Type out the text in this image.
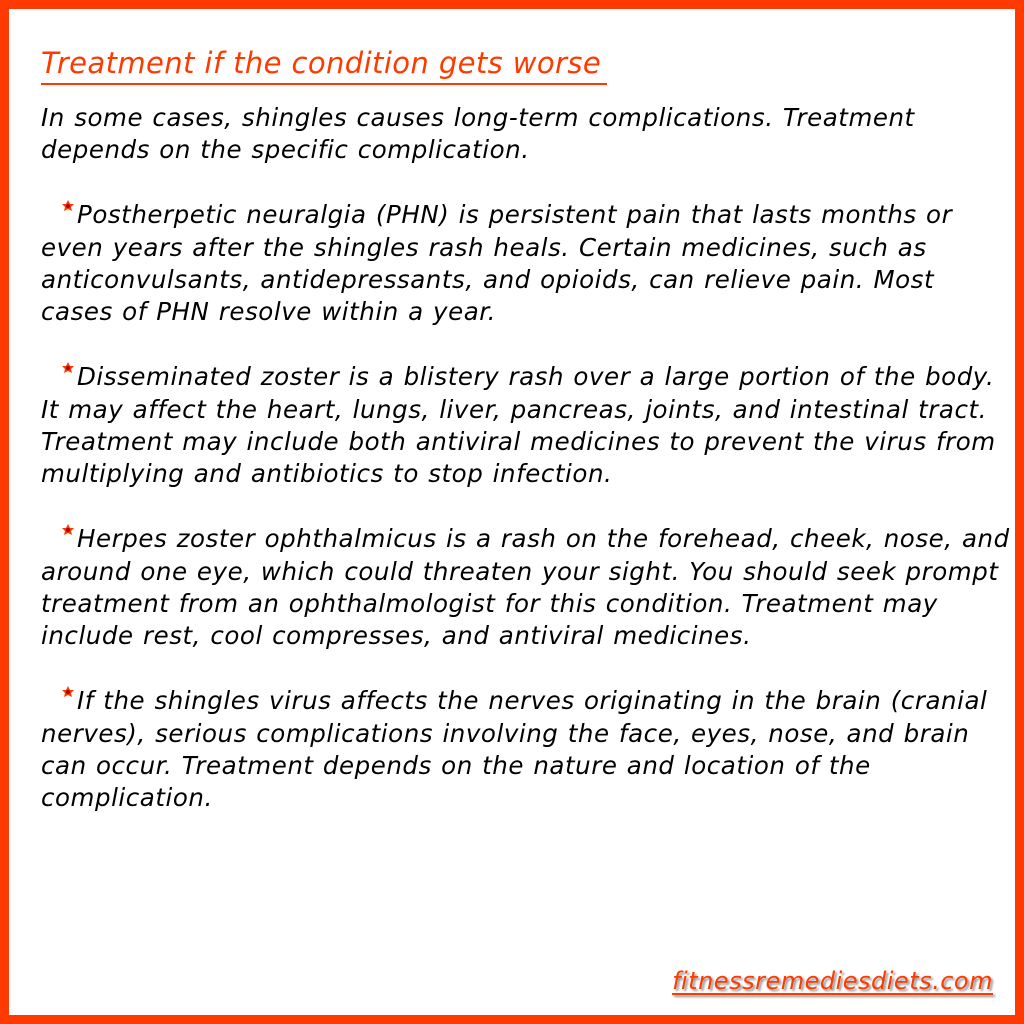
Treatment if the condition gets worse

In some cases, shingles causes long-term complications. Treatment depends on the specific complication.

Postherpetic neuralgia (PHN) is persistent pain that lasts months or even years after the shingles rash heals. Certain medicines, such as anticonvulsants, antidepressants, and opioids, can relieve pain. Most cases of PHN resolve within a year.

Disseminated zoster is a blistery rash over a large portion of the body. It may affect the heart, lungs, liver, pancreas, joints, and intestinal tract. Treatment may include both antiviral medicines to prevent the virus from multiplying and antibiotics to stop infection.

Herpes zoster ophthalmicus is a rash on the forehead, cheek, nose, and around one eye, which could threaten your sight. You should seek prompt treatment from an ophthalmologist for this condition. Treatment may include rest, cool compresses, and antiviral medicines.

If the shingles virus affects the nerves originating in the brain (cranial nerves), serious complications involving the face, eyes, nose, and brain can occur. Treatment depends on the nature and location of the complication.

fitnessremediesdiets.com
